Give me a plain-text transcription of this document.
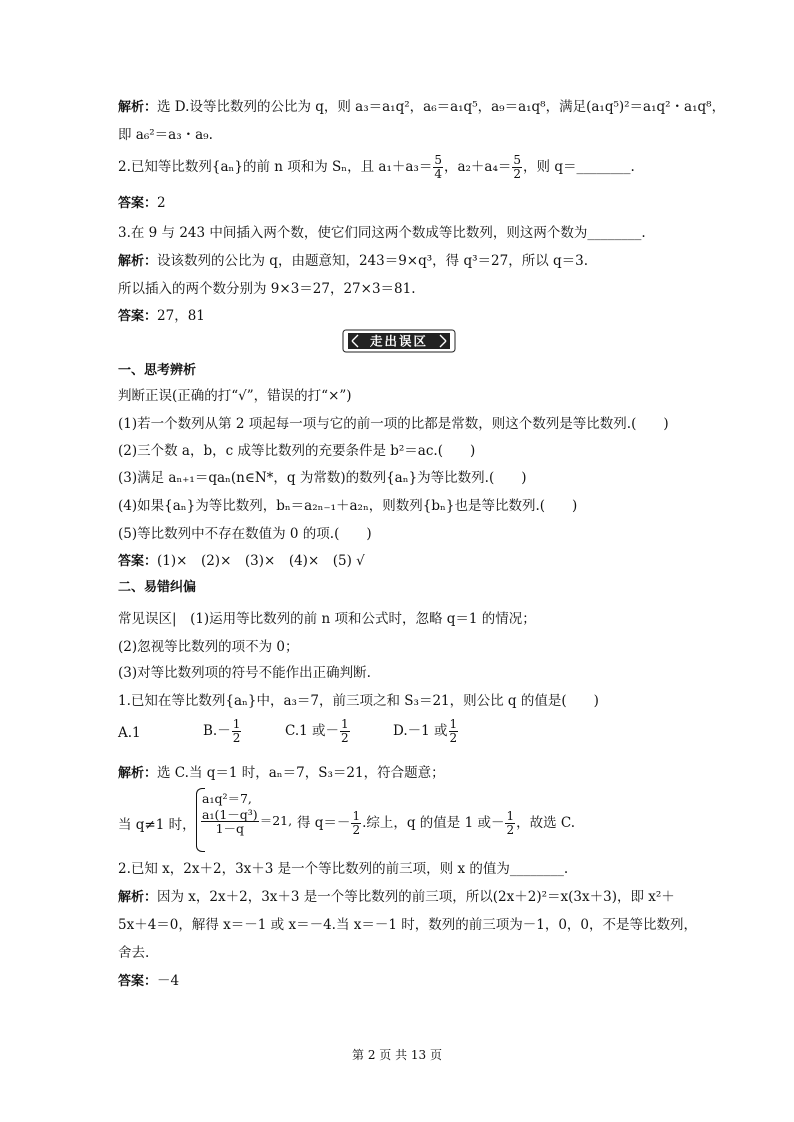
解析：选 D.设等比数列的公比为 q，则 a₃＝a₁q²，a₆＝a₁q⁵，a₉＝a₁q⁸，满足(a₁q⁵)²＝a₁q²・a₁q⁸，
即 a₆²＝a₃・a₉.
2.已知等比数列{aₙ}的前 n 项和为 Sₙ，且 $a_1+a_3= \frac{5}{4}$ ，$a_2+a_4= \frac{5}{2}$ ，则 q＝________.
答案：2
3.在 9 与 243 中间插入两个数，使它们同这两个数成等比数列，则这两个数为________.
解析：设该数列的公比为 q，由题意知，243＝9×q³，得 q³＝27，所以 q＝3.
所以插入的两个数分别为 9×3＝27，27×3＝81.
答案：27，81
走出误区
一、思考辨析
判断正误(正确的打“√”，错误的打“×”)
(1)若一个数列从第 2 项起每一项与它的前一项的比都是常数，则这个数列是等比数列.(　　)
(2)三个数 a，b，c 成等比数列的充要条件是 b²＝ac.(　　)
(3)满足 aₙ₊₁＝qaₙ(n∈N*，q 为常数)的数列{aₙ}为等比数列.(　　)
(4)如果{aₙ}为等比数列，bₙ＝a₂ₙ₋₁＋a₂ₙ，则数列{bₙ}也是等比数列.(　　)
(5)等比数列中不存在数值为 0 的项.(　　)
答案：(1)×　(2)×　(3)×　(4)×　(5) √
二、易错纠偏
常见误区|　 (1)运用等比数列的前 n 项和公式时，忽略 q＝1 的情况；
(2)忽视等比数列的项不为 0；
(3)对等比数列项的符号不能作出正确判断.
1.已知在等比数列{aₙ}中，a₃＝7，前三项之和 S₃＝21，则公比 q 的值是(　　)
A.1	$B.- \frac{1}{2}$	C.1 或－ $\frac{1}{2}$	D.－1 或 $\frac{1}{2}$
解析：选 C.当 q＝1 时，aₙ＝7，S₃＝21，符合题意；
当 q≠1 时，
a₁q²＝7,
$\frac{\text{a₁(1－q³)}}{1-q} =21$, 得 $q=- \frac{1}{2}$ .综上，q 的值是 1 或－ $\frac{1}{2}$ ，故选 C.
2.已知 x，2x＋2，3x＋3 是一个等比数列的前三项，则 x 的值为________.
解析：因为 x，2x＋2，3x＋3 是一个等比数列的前三项，所以(2x＋2)²＝x(3x＋3)，即 x²＋
5x＋4＝0，解得 x＝－1 或 x＝－4.当 x＝－1 时，数列的前三项为－1，0，0，不是等比数列，
舍去.
答案：－4
第 2 页 共 13 页
